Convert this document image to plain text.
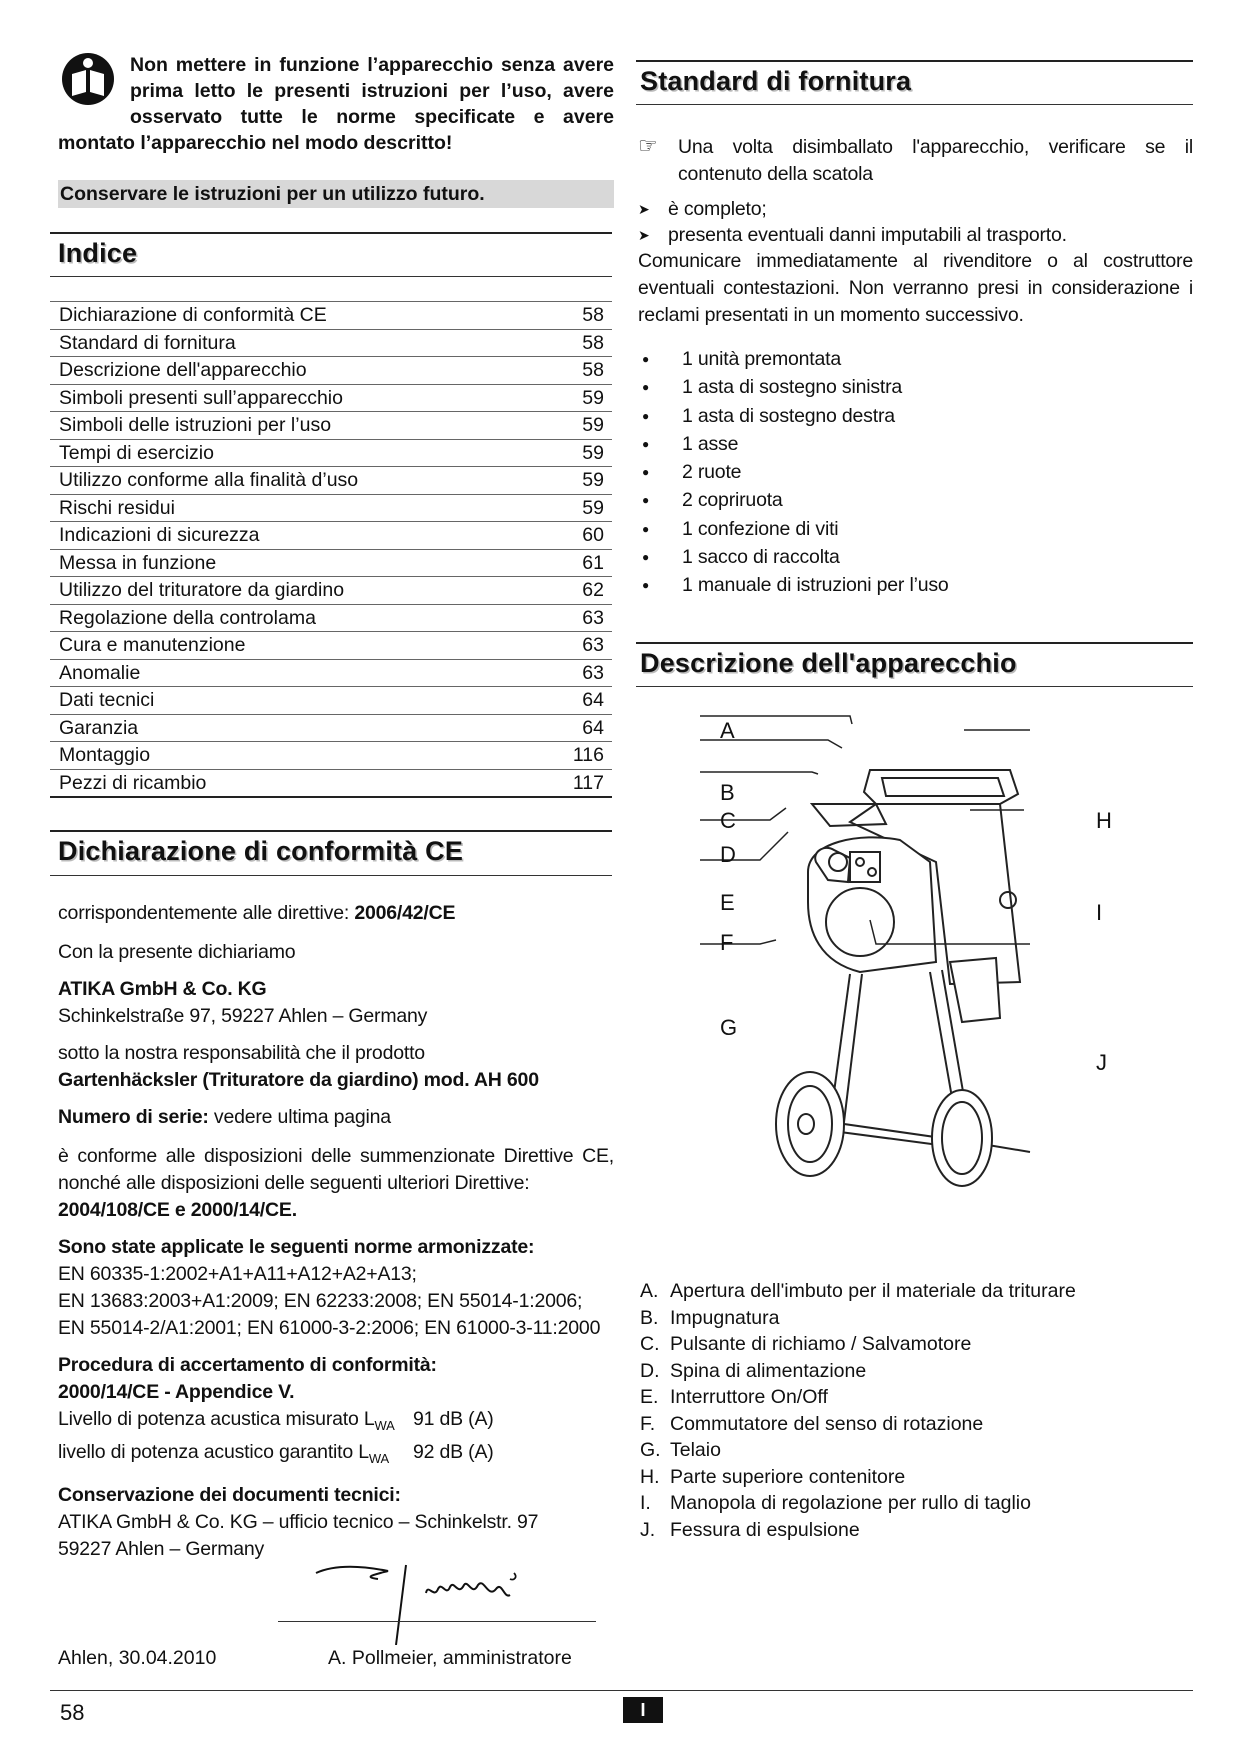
Non mettere in funzione l’apparecchio senza avere prima letto le presenti istruzioni per l’uso, avere osservato tutte le norme specificate e avere montato l’apparecchio nel modo descritto!
Conservare le istruzioni per un utilizzo futuro.
Indice
Dichiarazione di conformità CE	58
Standard di fornitura	58
Descrizione dell'apparecchio	58
Simboli presenti sull’apparecchio	59
Simboli delle istruzioni per l’uso	59
Tempi di esercizio	59
Utilizzo conforme alla finalità d’uso	59
Rischi residui	59
Indicazioni di sicurezza	60
Messa in funzione	61
Utilizzo del trituratore da giardino	62
Regolazione della controlama	63
Cura e manutenzione	63
Anomalie	63
Dati tecnici	64
Garanzia	64
Montaggio	116
Pezzi di ricambio	117
Dichiarazione di conformità CE

corrispondentemente alle direttive: 2006/42/CE

Con la presente dichiariamo

ATIKA GmbH & Co. KG
Schinkelstraße 97, 59227 Ahlen – Germany
sotto la nostra responsabilità che il prodotto
Gartenhäcksler (Trituratore da giardino) mod. AH 600

Numero di serie: vedere ultima pagina

è conforme alle disposizioni delle summenzionate Direttive CE, nonché alle disposizioni delle seguenti ulteriori Direttive:
2004/108/CE e 2000/14/CE.
Sono state applicate le seguenti norme armonizzate:
EN 60335-1:2002+A1+A11+A12+A2+A13;
EN 13683:2003+A1:2009; EN 62233:2008; EN 55014-1:2006;
EN 55014-2/A1:2001; EN 61000-3-2:2006; EN 61000-3-11:2000
Procedura di accertamento di conformità:
2000/14/CE - Appendice V.
Livello di potenza acustica misurato $L_{WA}$ 91 dB (A)
livello di potenza acustico garantito $L_{WA}$	92 dB (A)
Conservazione dei documenti tecnici:
ATIKA GmbH & Co. KG – ufficio tecnico – Schinkelstr. 97
59227 Ahlen – Germany
Ahlen, 30.04.2010	A. Pollmeier, amministratore
Standard di fornitura
☞	Una volta disimballato l'apparecchio, verificare se il contenuto della scatola
➤ è completo;
➤ presenta eventuali danni imputabili al trasporto.
Comunicare immediatamente al rivenditore o al costruttore eventuali contestazioni. Non verranno presi in considerazione i reclami presentati in un momento successivo.
●	1 unità premontata
●	1 asta di sostegno sinistra
●	1 asta di sostegno destra
●	1 asse
●	2 ruote
●	2 copriruota
●	1 confezione di viti
●	1 sacco di raccolta
●	1 manuale di istruzioni per l’uso
Descrizione dell'apparecchio
A
B
C
D
E
F
G
H
I
J
A. Apertura dell'imbuto per il materiale da triturare
B. Impugnatura
C. Pulsante di richiamo / Salvamotore
D. Spina di alimentazione
E. Interruttore On/Off
F. Commutatore del senso di rotazione
G. Telaio
H. Parte superiore contenitore
I. Manopola di regolazione per rullo di taglio
J. Fessura di espulsione
58	I
